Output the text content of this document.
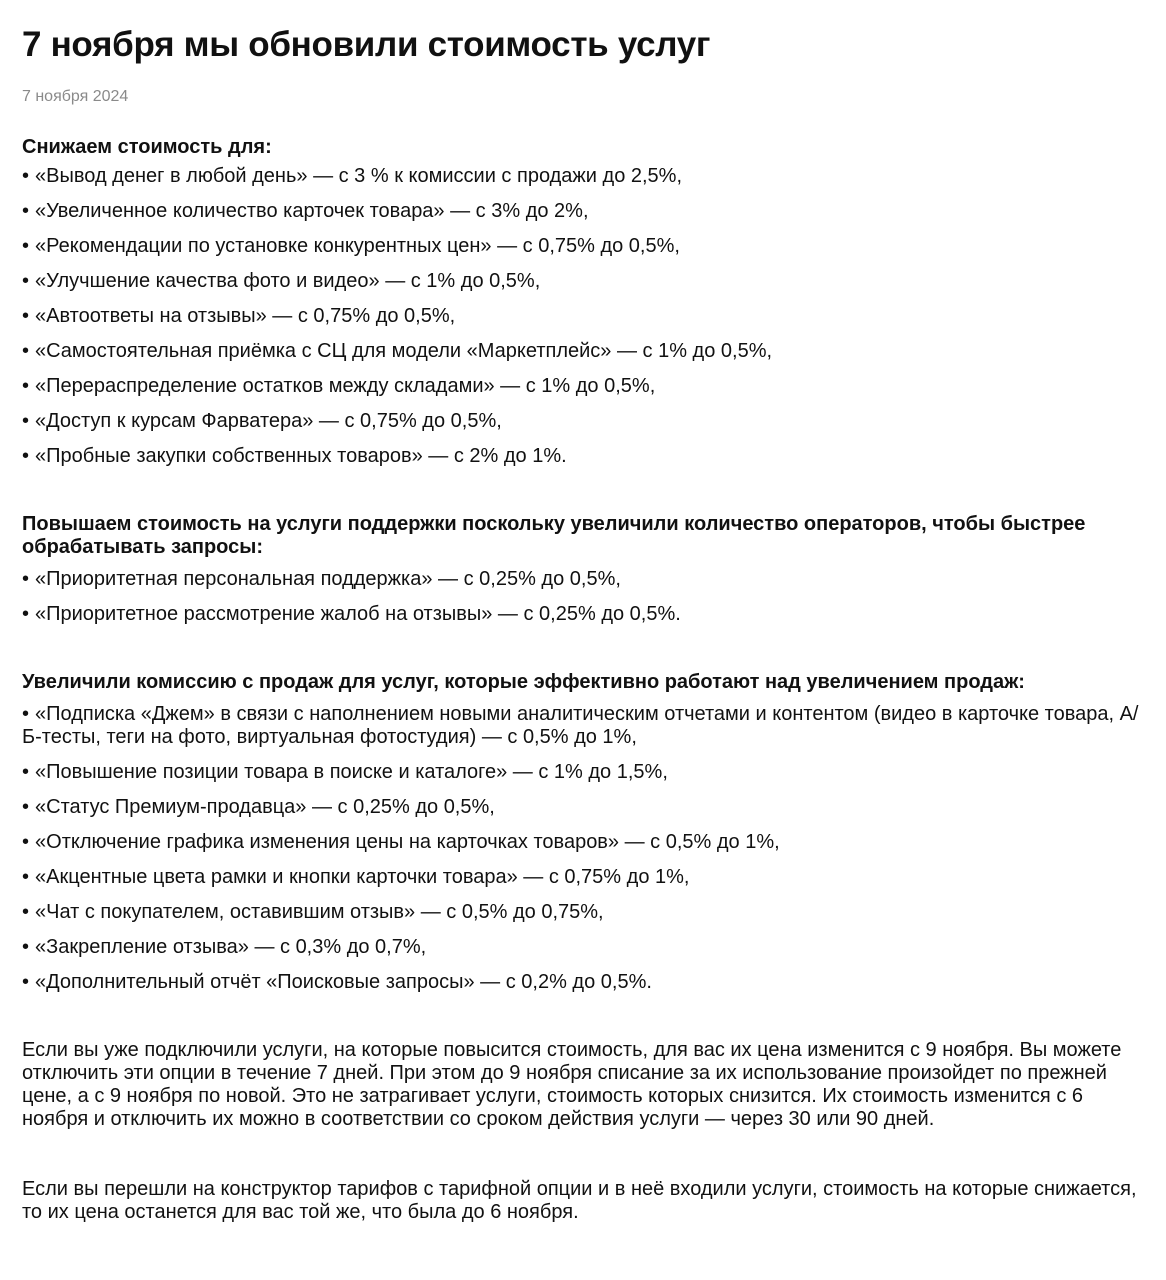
7 ноября мы обновили стоимость услуг
7 ноября 2024
Снижаем стоимость для:
• «Вывод денег в любой день» — с 3 % к комиссии с продажи до 2,5%,
• «Увеличенное количество карточек товара» — с 3% до 2%,
• «Рекомендации по установке конкурентных цен» — с 0,75% до 0,5%,
• «Улучшение качества фото и видео» — с 1% до 0,5%,
• «Автоответы на отзывы» — с 0,75% до 0,5%,
• «Самостоятельная приёмка с СЦ для модели «Маркетплейс» — с 1% до 0,5%,
• «Перераспределение остатков между складами» — с 1% до 0,5%,
• «Доступ к курсам Фарватера» — с 0,75% до 0,5%,
• «Пробные закупки собственных товаров» — с 2% до 1%.
Повышаем стоимость на услуги поддержки поскольку увеличили количество операторов, чтобы быстрее обрабатывать запросы:
• «Приоритетная персональная поддержка» — с 0,25% до 0,5%,
• «Приоритетное рассмотрение жалоб на отзывы» — с 0,25% до 0,5%.
Увеличили комиссию с продаж для услуг, которые эффективно работают над увеличением продаж:
• «Подписка «Джем» в связи с наполнением новыми аналитическим отчетами и контентом (видео в карточке товара, А/Б-тесты, теги на фото, виртуальная фотостудия) — с 0,5% до 1%,
• «Повышение позиции товара в поиске и каталоге» — с 1% до 1,5%,
• «Статус Премиум-продавца» — с 0,25% до 0,5%,
• «Отключение графика изменения цены на карточках товаров» — с 0,5% до 1%,
• «Акцентные цвета рамки и кнопки карточки товара» — с 0,75% до 1%,
• «Чат с покупателем, оставившим отзыв» — с 0,5% до 0,75%,
• «Закрепление отзыва» — с 0,3% до 0,7%,
• «Дополнительный отчёт «Поисковые запросы» — с 0,2% до 0,5%.

Если вы уже подключили услуги, на которые повысится стоимость, для вас их цена изменится с 9 ноября. Вы можете отключить эти опции в течение 7 дней. При этом до 9 ноября списание за их использование произойдет по прежней цене, а с 9 ноября по новой. Это не затрагивает услуги, стоимость которых снизится. Их стоимость изменится с 6 ноября и отключить их можно в соответствии со сроком действия услуги — через 30 или 90 дней.

Если вы перешли на конструктор тарифов с тарифной опции и в неё входили услуги, стоимость на которые снижается, то их цена останется для вас той же, что была до 6 ноября.
